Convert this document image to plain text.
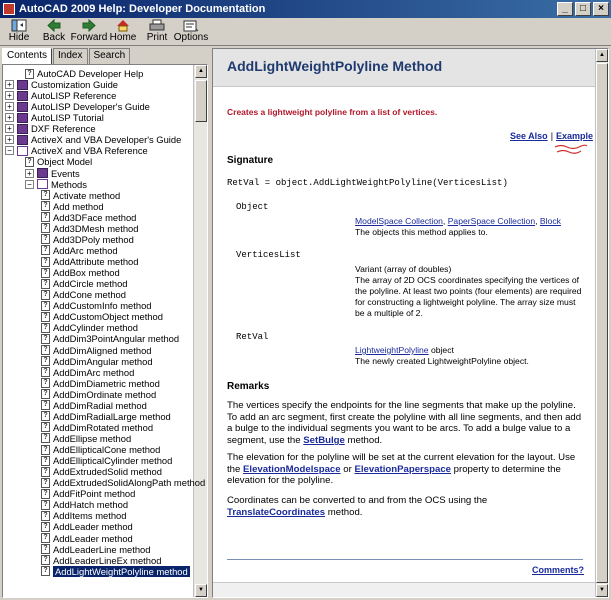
AutoCAD 2009 Help: Developer Documentation	_	□	×
Hide Back Forward Home Print Options
Contents	Index	Search
▲
▼
? AutoCAD Developer Help
+ Customization Guide
+ AutoLISP Reference
+ AutoLISP Developer's Guide
+ AutoLISP Tutorial
+ DXF Reference
+ ActiveX and VBA Developer's Guide
− ActiveX and VBA Reference
? Object Model
+ Events
− Methods
? Activate method
? Add method
? Add3DFace method
? Add3DMesh method
? Add3DPoly method
? AddArc method
? AddAttribute method
? AddBox method
? AddCircle method
? AddCone method
? AddCustomInfo method
? AddCustomObject method
? AddCylinder method
? AddDim3PointAngular method
? AddDimAligned method
? AddDimAngular method
? AddDimArc method
? AddDimDiametric method
? AddDimOrdinate method
? AddDimRadial method
? AddDimRadialLarge method
? AddDimRotated method
? AddEllipse method
? AddEllipticalCone method
? AddEllipticalCylinder method
? AddExtrudedSolid method
? AddExtrudedSolidAlongPath method
? AddFitPoint method
? AddHatch method
? AddItems method
? AddLeader method
? AddLeader method
? AddLeaderLine method
? AddLeaderLineEx method
? AddLightWeightPolyline method
AddLightWeightPolyline Method
Creates a lightweight polyline from a list of vertices.
See Also | Example
Signature
RetVal = object.AddLightWeightPolyline(VerticesList)
Object
ModelSpace Collection, PaperSpace Collection, Block
The objects this method applies to.
VerticesList
Variant (array of doubles)
The array of 2D OCS coordinates specifying the vertices of the polyline. At least two points (four elements) are required for constructing a lightweight polyline. The array size must be a multiple of 2.
RetVal
LightweightPolyline object
The newly created LightweightPolyline object.
Remarks
The vertices specify the endpoints for the line segments that make up the polyline. To add an arc segment, first create the polyline with all line segments, and then add a bulge to the individual segments you want to be arcs. To add a bulge value to a segment, use the SetBulge method.
The elevation for the polyline will be set at the current elevation for the layout. Use the ElevationModelspace or ElevationPaperspace property to determine the elevation for the polyline.
Coordinates can be converted to and from the OCS using the TranslateCoordinates method.
Comments?
▲
▼
